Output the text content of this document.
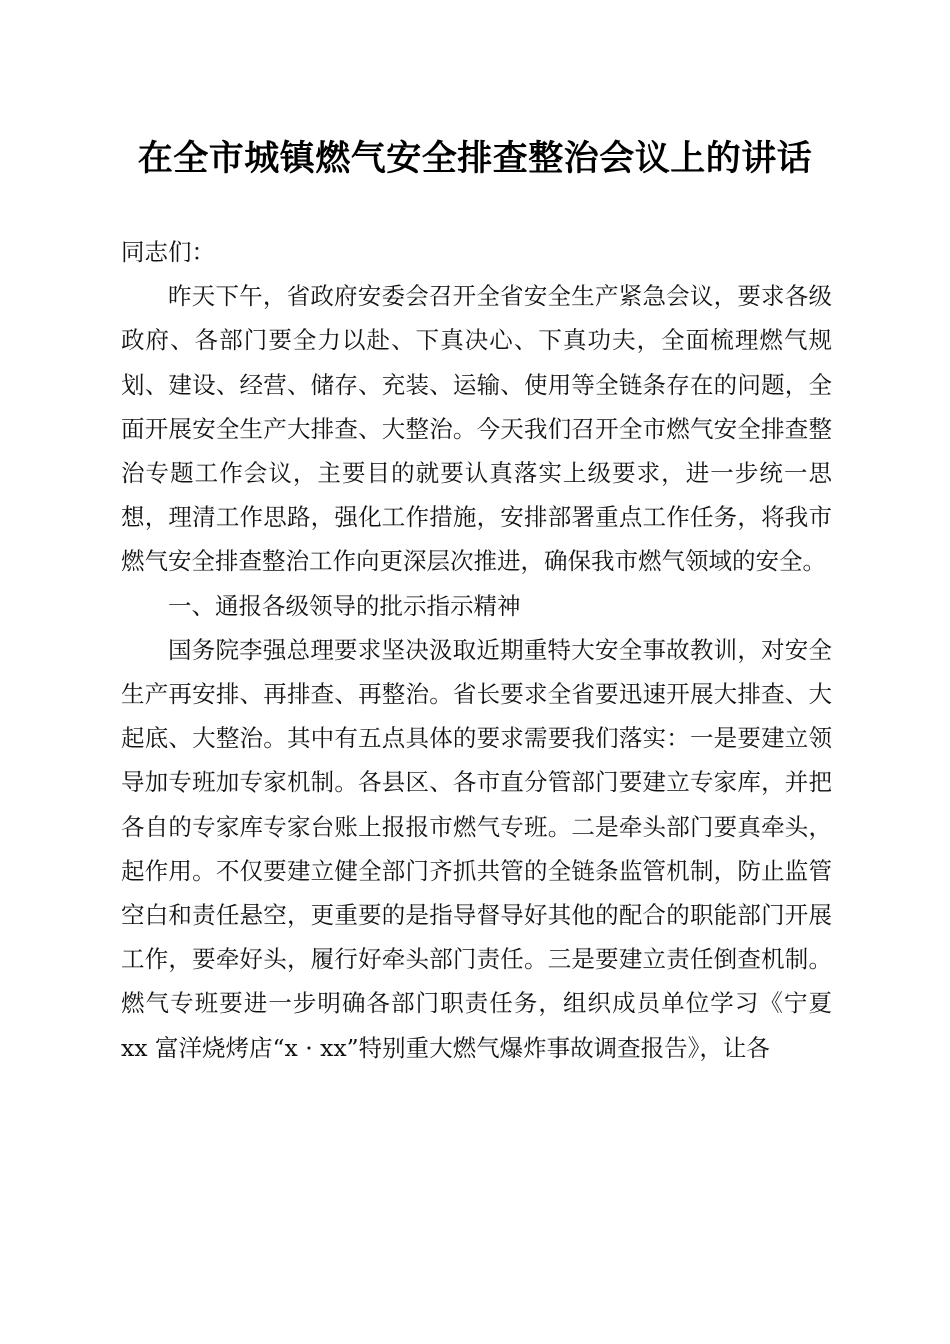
在全市城镇燃气安全排查整治会议上的讲话

同志们：

昨天下午，省政府安委会召开全省安全生产紧急会议，要求各级政府、各部门要全力以赴、下真决心、下真功夫，全面梳理燃气规划、建设、经营、储存、充装、运输、使用等全链条存在的问题，全面开展安全生产大排查、大整治。今天我们召开全市燃气安全排查整治专题工作会议，主要目的就要认真落实上级要求，进一步统一思想，理清工作思路，强化工作措施，安排部署重点工作任务，将我市燃气安全排查整治工作向更深层次推进，确保我市燃气领域的安全。

一、通报各级领导的批示指示精神

国务院李强总理要求坚决汲取近期重特大安全事故教训，对安全生产再安排、再排查、再整治。省长要求全省要迅速开展大排查、大起底、大整治。其中有五点具体的要求需要我们落实：一是要建立领导加专班加专家机制。各县区、各市直分管部门要建立专家库，并把各自的专家库专家台账上报报市燃气专班。二是牵头部门要真牵头，起作用。不仅要建立健全部门齐抓共管的全链条监管机制，防止监管空白和责任悬空，更重要的是指导督导好其他的配合的职能部门开展工作，要牵好头，履行好牵头部门责任。三是要建立责任倒查机制。燃气专班要进一步明确各部门职责任务，组织成员单位学习《宁夏 xx 富洋烧烤店“x · xx”特别重大燃气爆炸事故调查报告》，让各
